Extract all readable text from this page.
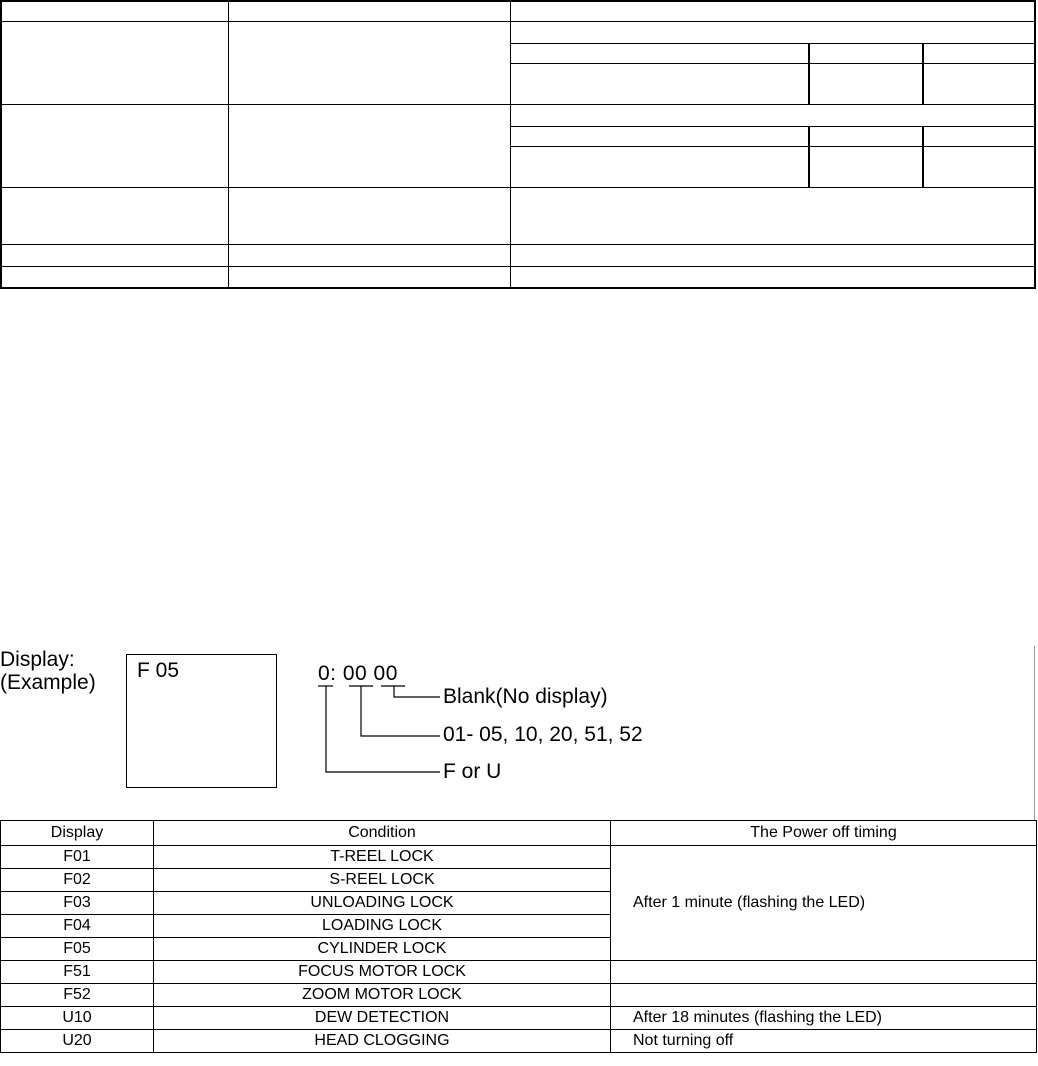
Display:
(Example)
F 05	0: 00 00
Blank(No display)
01- 05, 10, 20, 51, 52
F or U
Display	Condition	The Power off timing
F01	T-REEL LOCK	After 1 minute (flashing the LED)
F02	S-REEL LOCK	
F03	UNLOADING LOCK	
F04	LOADING LOCK	
F05	CYLINDER LOCK	
F51	FOCUS MOTOR LOCK	
F52	ZOOM MOTOR LOCK	
U10	DEW DETECTION	After 18 minutes (flashing the LED)
U20	HEAD CLOGGING	Not turning off
